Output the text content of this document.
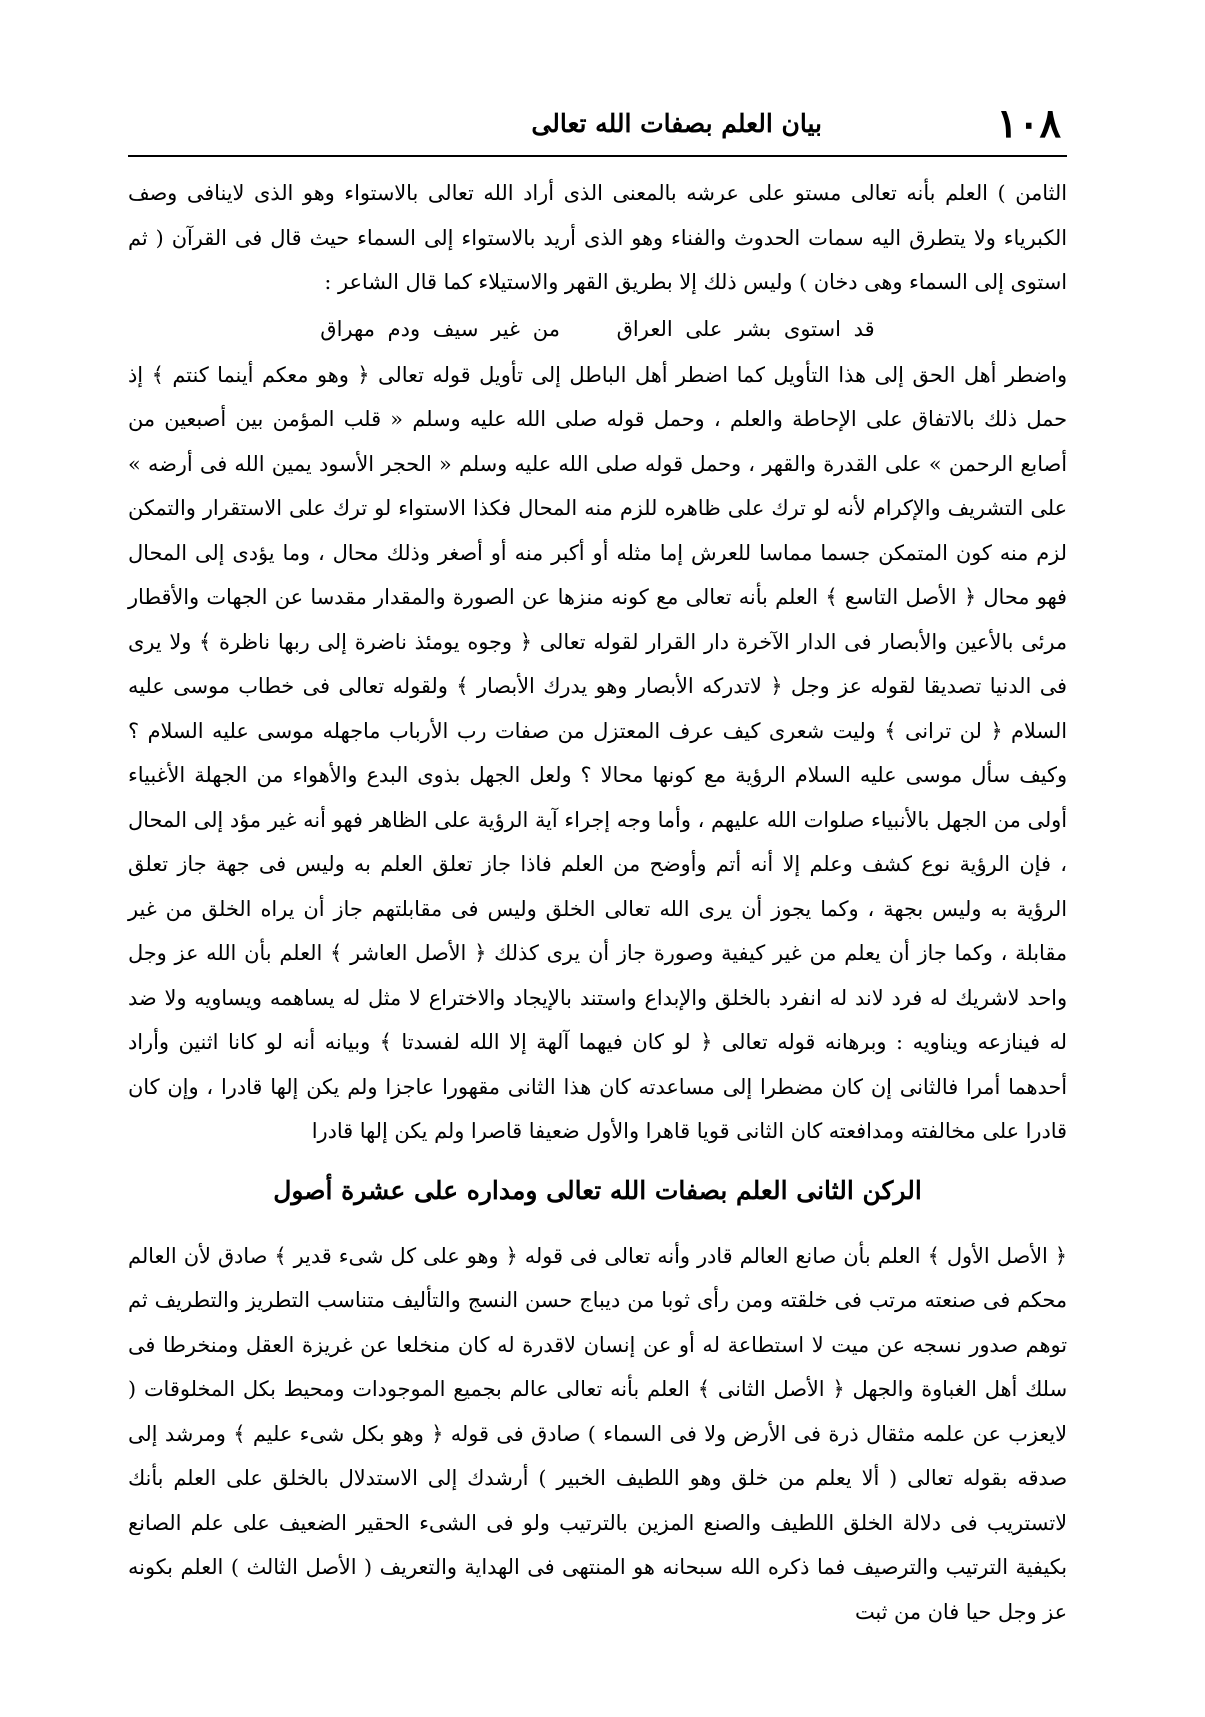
١٠٨
بيان العلم بصفات الله تعالى

الثامن ) العلم بأنه تعالى مستو على عرشه بالمعنى الذى أراد الله تعالى بالاستواء وهو الذى لاينافى وصف الكبرياء ولا يتطرق اليه سمات الحدوث والفناء وهو الذى أريد بالاستواء إلى السماء حيث قال فى القرآن ( ثم استوى إلى السماء وهى دخان ) وليس ذلك إلا بطريق القهر والاستيلاء كما قال الشاعر :

قد استوى بشر على العراق من غير سيف ودم مهراق

واضطر أهل الحق إلى هذا التأويل كما اضطر أهل الباطل إلى تأويل قوله تعالى ﴿ وهو معكم أينما كنتم ﴾ إذ حمل ذلك بالاتفاق على الإحاطة والعلم ، وحمل قوله صلى الله عليه وسلم « قلب المؤمن بين أصبعين من أصابع الرحمن » على القدرة والقهر ، وحمل قوله صلى الله عليه وسلم « الحجر الأسود يمين الله فى أرضه » على التشريف والإكرام لأنه لو ترك على ظاهره للزم منه المحال فكذا الاستواء لو ترك على الاستقرار والتمكن لزم منه كون المتمكن جسما مماسا للعرش إما مثله أو أكبر منه أو أصغر وذلك محال ، وما يؤدى إلى المحال فهو محال ﴿ الأصل التاسع ﴾ العلم بأنه تعالى مع كونه منزها عن الصورة والمقدار مقدسا عن الجهات والأقطار مرئى بالأعين والأبصار فى الدار الآخرة دار القرار لقوله تعالى ﴿ وجوه يومئذ ناضرة إلى ربها ناظرة ﴾ ولا يرى فى الدنيا تصديقا لقوله عز وجل ﴿ لاتدركه الأبصار وهو يدرك الأبصار ﴾ ولقوله تعالى فى خطاب موسى عليه السلام ﴿ لن ترانى ﴾ وليت شعرى كيف عرف المعتزل من صفات رب الأرباب ماجهله موسى عليه السلام ؟ وكيف سأل موسى عليه السلام الرؤية مع كونها محالا ؟ ولعل الجهل بذوى البدع والأهواء من الجهلة الأغبياء أولى من الجهل بالأنبياء صلوات الله عليهم ، وأما وجه إجراء آية الرؤية على الظاهر فهو أنه غير مؤد إلى المحال ، فإن الرؤية نوع كشف وعلم إلا أنه أتم وأوضح من العلم فاذا جاز تعلق العلم به وليس فى جهة جاز تعلق الرؤية به وليس بجهة ، وكما يجوز أن يرى الله تعالى الخلق وليس فى مقابلتهم جاز أن يراه الخلق من غير مقابلة ، وكما جاز أن يعلم من غير كيفية وصورة جاز أن يرى كذلك ﴿ الأصل العاشر ﴾ العلم بأن الله عز وجل واحد لاشريك له فرد لاند له انفرد بالخلق والإبداع واستند بالإيجاد والاختراع لا مثل له يساهمه ويساويه ولا ضد له فينازعه ويناويه : وبرهانه قوله تعالى ﴿ لو كان فيهما آلهة إلا الله لفسدتا ﴾ وبيانه أنه لو كانا اثنين وأراد أحدهما أمرا فالثانى إن كان مضطرا إلى مساعدته كان هذا الثانى مقهورا عاجزا ولم يكن إلها قادرا ، وإن كان قادرا على مخالفته ومدافعته كان الثانى قويا قاهرا والأول ضعيفا قاصرا ولم يكن إلها قادرا

الركن الثانى العلم بصفات الله تعالى ومداره على عشرة أصول

﴿ الأصل الأول ﴾ العلم بأن صانع العالم قادر وأنه تعالى فى قوله ﴿ وهو على كل شىء قدير ﴾ صادق لأن العالم محكم فى صنعته مرتب فى خلقته ومن رأى ثوبا من ديباج حسن النسج والتأليف متناسب التطريز والتطريف ثم توهم صدور نسجه عن ميت لا استطاعة له أو عن إنسان لاقدرة له كان منخلعا عن غريزة العقل ومنخرطا فى سلك أهل الغباوة والجهل ﴿ الأصل الثانى ﴾ العلم بأنه تعالى عالم بجميع الموجودات ومحيط بكل المخلوقات ( لايعزب عن علمه مثقال ذرة فى الأرض ولا فى السماء ) صادق فى قوله ﴿ وهو بكل شىء عليم ﴾ ومرشد إلى صدقه بقوله تعالى ( ألا يعلم من خلق وهو اللطيف الخبير ) أرشدك إلى الاستدلال بالخلق على العلم بأنك لاتستريب فى دلالة الخلق اللطيف والصنع المزين بالترتيب ولو فى الشىء الحقير الضعيف على علم الصانع بكيفية الترتيب والترصيف فما ذكره الله سبحانه هو المنتهى فى الهداية والتعريف ( الأصل الثالث ) العلم بكونه عز وجل حيا فان من ثبت
